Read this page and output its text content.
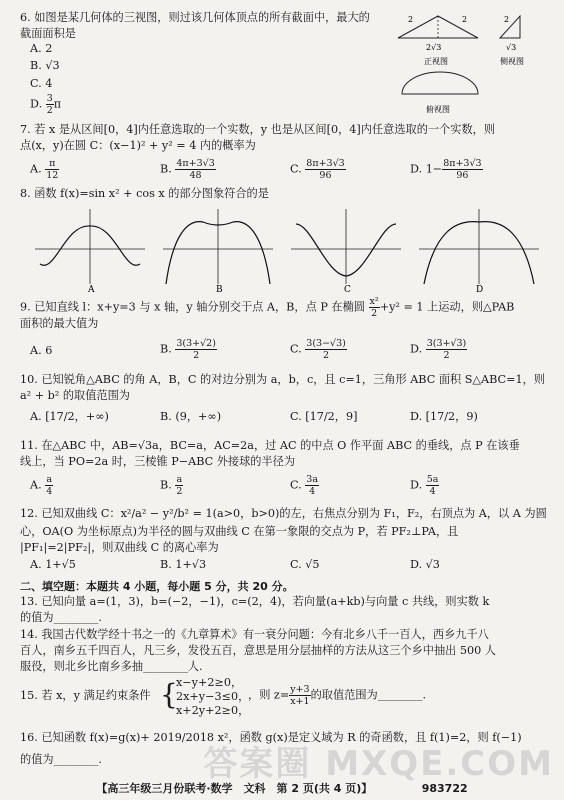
6. 如图是某几何体的三视图，则过该几何体顶点的所有截面中，最大的
截面面积是
A. 2
B. √3
C. 4
D. $\frac{3}{2}$ π
2	2
2√3
正视图
2
√3
侧视图
俯视图
7. 若 x 是从区间[0，4]内任意选取的一个实数，y 也是从区间[0，4]内任意选取的一个实数，则
点(x，y)在圆 C：(x−1)² + y² = 4 内的概率为
A. $\frac{\pi}{12}$	B. $\frac{4\pi+3√3}{48}$	C. $\frac{8\pi+3√3}{96}$	D. $1- \frac{8\pi+3√3}{96}$
8. 函数 f(x)=sin x² + cos x 的部分图象符合的是
A	B	C	D
9. 已知直线 l：x+y=3 与 x 轴，y 轴分别交于点 A，B，点 P 在椭圆 $\frac{\text{x²}}{2} +y^2 = 1$ 上运动，则△PAB
面积的最大值为
A. 6	B. $\frac{3(3+√2)}{2}$	C. $\frac{3(3-√3)}{2}$	D. $\frac{3(3+√3)}{2}$
10. 已知锐角△ABC 的角 A，B，C 的对边分别为 a，b，c，且 c=1，三角形 ABC 面积 S△ABC=1，则
a² + b² 的取值范围为
A. [17/2，+∞)	B. (9，+∞)	C. [17/2，9]	D. [17/2，9)
11. 在△ABC 中，AB=√3a，BC=a，AC=2a，过 AC 的中点 O 作平面 ABC 的垂线，点 P 在该垂
线上，当 PO=2a 时，三棱锥 P−ABC 外接球的半径为
A. $\frac{a}{4}$	B. $\frac{a}{2}$	C. $\frac{3a}{4}$	D. $\frac{5a}{4}$
12. 已知双曲线 C：x²/a² − y²/b² = 1(a>0，b>0)的左，右焦点分别为 F₁，F₂，右顶点为 A，以 A 为圆
心，OA(O 为坐标原点)为半径的圆与双曲线 C 在第一象限的交点为 P，若 PF₂⊥PA，且
|PF₁|=2|PF₂|，则双曲线 C 的离心率为
A. 1+√5	B. 1+√3	C. √5	D. √3
二、填空题：本题共 4 小题，每小题 5 分，共 20 分。
13. 已知向量 a=(1，3)，b=(−2，−1)，c=(2，4)，若向量(a+kb)与向量 c 共线，则实数 k
的值为________.
14. 我国古代数学经十书之一的《九章算术》有一衰分问题：今有北乡八千一百人，西乡九千八
百人，南乡五千四百人，凡三乡，发役五百，意思是用分层抽样的方法从这三个乡中抽出 500 人
服役，则北乡比南乡多抽________人.
15. 若 x，y 满足约束条件 {
x−y+2≥0，
2x+y−3≤0，
x+2y+2≥0，
，则 $z= \frac{y+3}{x+1}$ 的取值范围为________.
16. 已知函数 f(x)=g(x)+ 2019/2018 x²，函数 g(x)是定义域为 R 的奇函数，且 f(1)=2，则 f(−1)
的值为________.	答案圈 MXQE.COM
【高三年级三月份联考·数学　文科　第 2 页(共 4 页)】　　　　　983722
